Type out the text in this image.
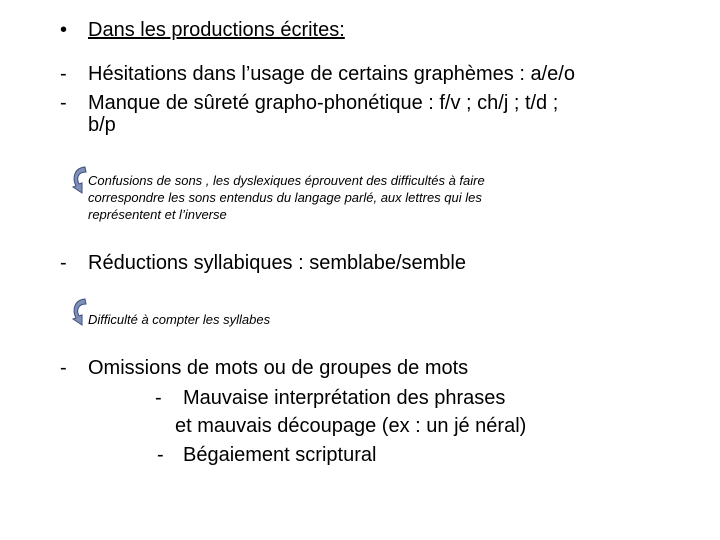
• Dans les productions écrites:
- Hésitations dans l’usage de certains graphèmes : a/e/o
- Manque de sûreté grapho-phonétique : f/v ; ch/j ; t/d ;
b/p
Confusions de sons , les dyslexiques éprouvent des difficultés à faire
correspondre les sons entendus du langage parlé, aux lettres qui les
représentent et l’inverse
- Réductions syllabiques : semblabe/semble
Difficulté à compter les syllabes
- Omissions de mots ou de groupes de mots
- Mauvaise interprétation des phrases
et mauvais découpage (ex : un jé néral)
- Bégaiement scriptural
